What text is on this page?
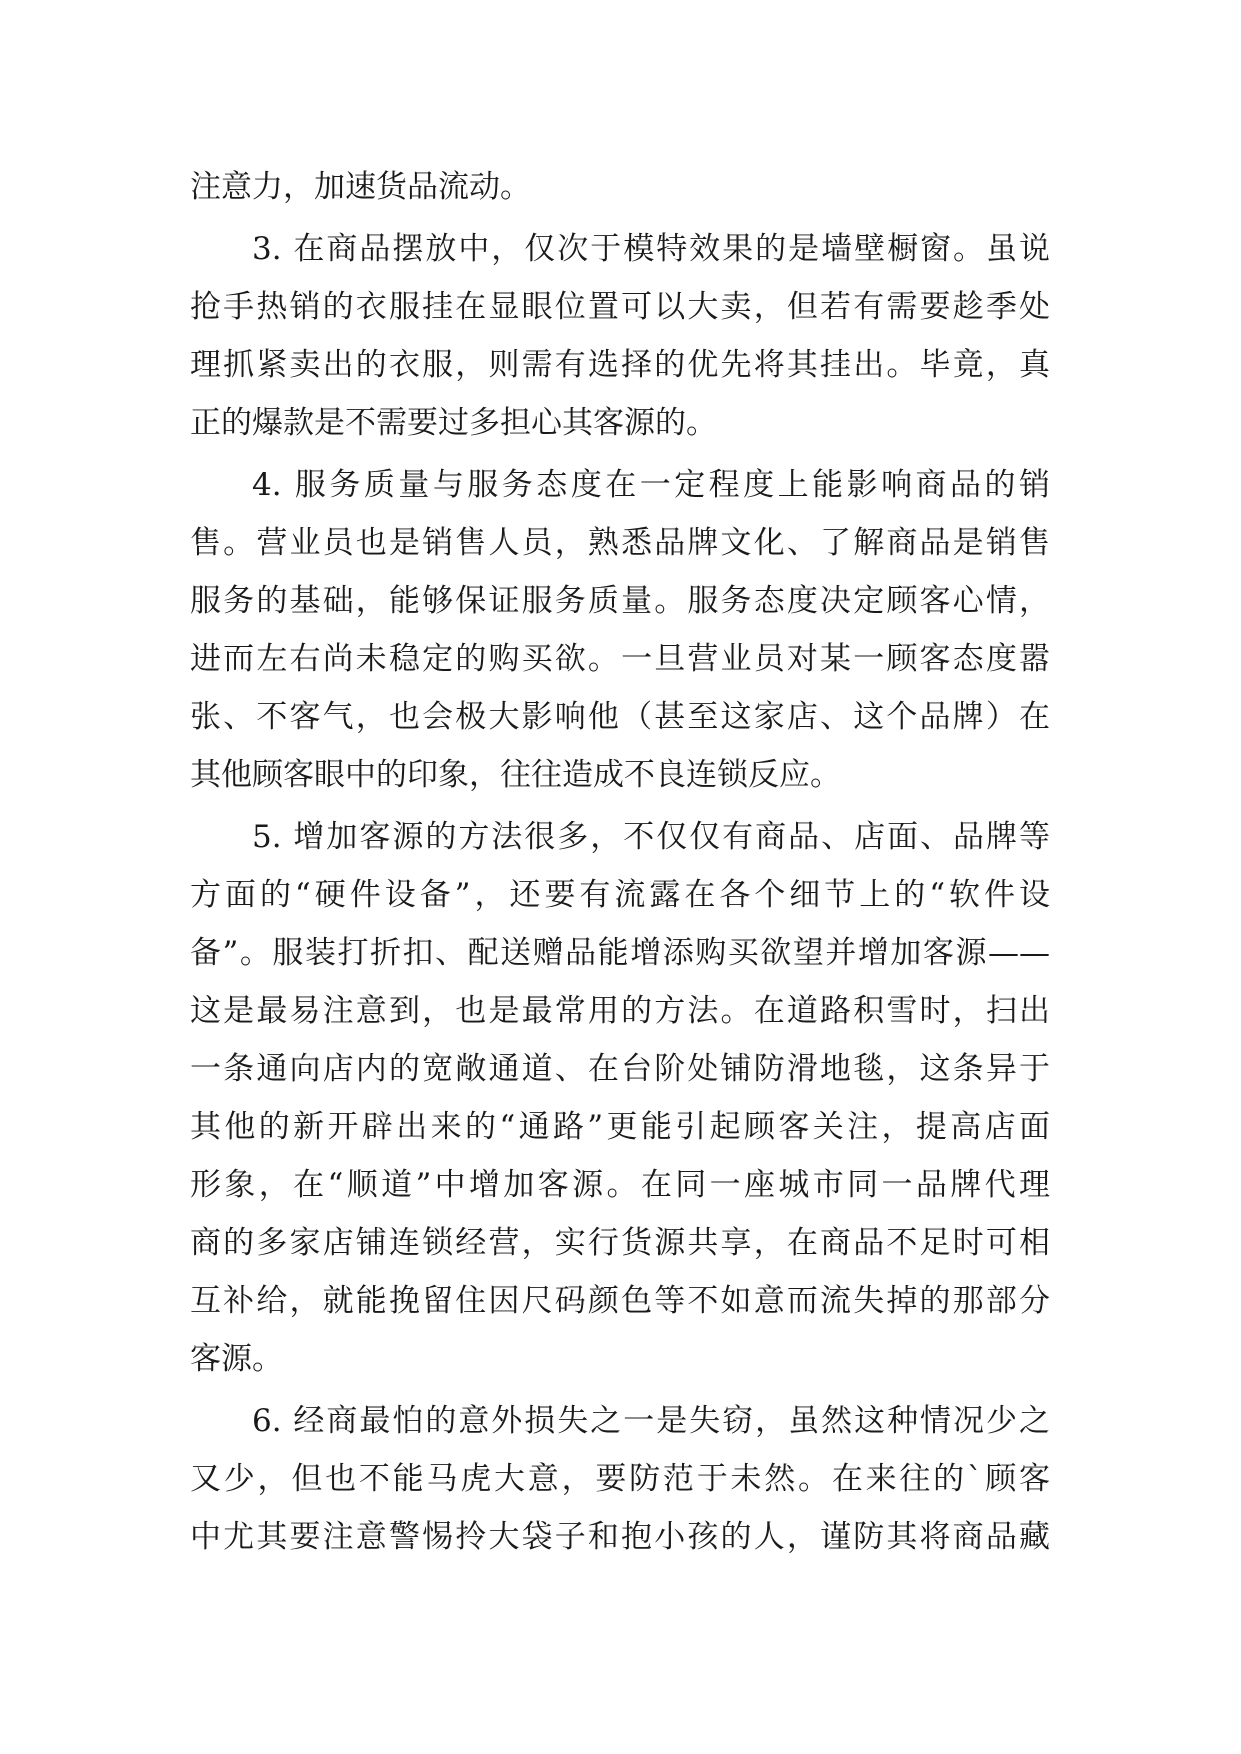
注意力，加速货品流动。
3. 在商品摆放中，仅次于模特效果的是墙壁橱窗。虽说
抢手热销的衣服挂在显眼位置可以大卖，但若有需要趁季处
理抓紧卖出的衣服，则需有选择的优先将其挂出。毕竟，真
正的爆款是不需要过多担心其客源的。
4. 服务质量与服务态度在一定程度上能影响商品的销
售。营业员也是销售人员，熟悉品牌文化、了解商品是销售
服务的基础，能够保证服务质量。服务态度决定顾客心情，
进而左右尚未稳定的购买欲。一旦营业员对某一顾客态度嚣
张、不客气，也会极大影响他（甚至这家店、这个品牌）在
其他顾客眼中的印象，往往造成不良连锁反应。
5. 增加客源的方法很多，不仅仅有商品、店面、品牌等
方面的“硬件设备”，还要有流露在各个细节上的“软件设
备”。服装打折扣、配送赠品能增添购买欲望并增加客源——
这是最易注意到，也是最常用的方法。在道路积雪时，扫出
一条通向店内的宽敞通道、在台阶处铺防滑地毯，这条异于
其他的新开辟出来的“通路”更能引起顾客关注，提高店面
形象，在“顺道”中增加客源。在同一座城市同一品牌代理
商的多家店铺连锁经营，实行货源共享，在商品不足时可相
互补给，就能挽留住因尺码颜色等不如意而流失掉的那部分
客源。
6. 经商最怕的意外损失之一是失窃，虽然这种情况少之
又少，但也不能马虎大意，要防范于未然。在来往的`顾客
中尤其要注意警惕拎大袋子和抱小孩的人，谨防其将商品藏
